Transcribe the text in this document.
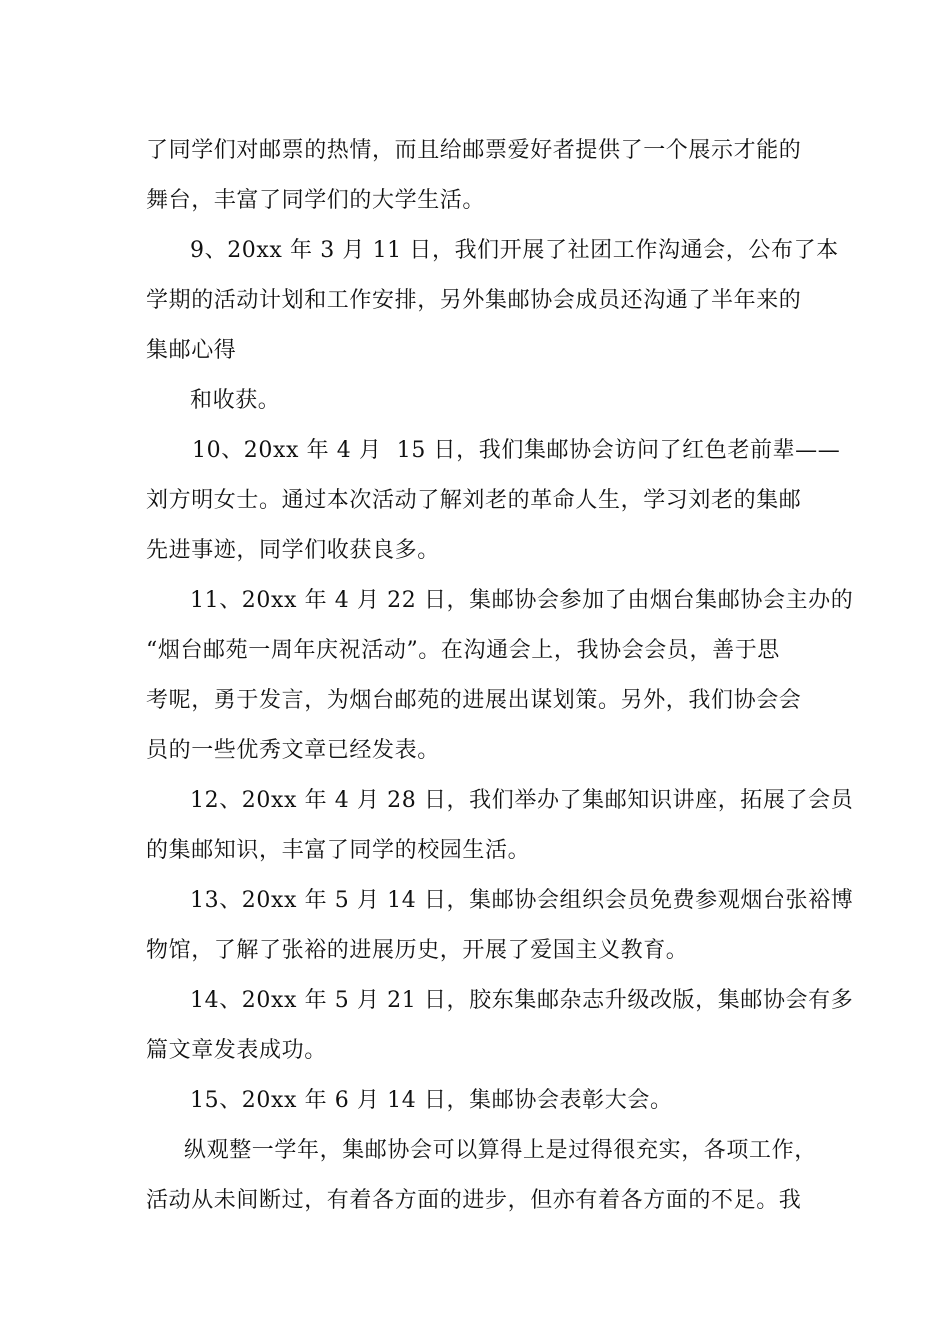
了同学们对邮票的热情，而且给邮票爱好者提供了一个展示才能的
舞台，丰富了同学们的大学生活。
9、20xx 年 3 月 11 日，我们开展了社团工作沟通会，公布了本
学期的活动计划和工作安排，另外集邮协会成员还沟通了半年来的
集邮心得
和收获。
10、20xx 年 4 月  15 日，我们集邮协会访问了红色老前辈——
刘方明女士。通过本次活动了解刘老的革命人生，学习刘老的集邮
先进事迹，同学们收获良多。
11、20xx 年 4 月 22 日，集邮协会参加了由烟台集邮协会主办的
“烟台邮苑一周年庆祝活动”。在沟通会上，我协会会员，善于思
考呢，勇于发言，为烟台邮苑的进展出谋划策。另外，我们协会会
员的一些优秀文章已经发表。
12、20xx 年 4 月 28 日，我们举办了集邮知识讲座，拓展了会员
的集邮知识，丰富了同学的校园生活。
13、20xx 年 5 月 14 日，集邮协会组织会员免费参观烟台张裕博
物馆，了解了张裕的进展历史，开展了爱国主义教育。
14、20xx 年 5 月 21 日，胶东集邮杂志升级改版，集邮协会有多
篇文章发表成功。
15、20xx 年 6 月 14 日，集邮协会表彰大会。
纵观整一学年，集邮协会可以算得上是过得很充实，各项工作，
活动从未间断过，有着各方面的进步，但亦有着各方面的不足。我
